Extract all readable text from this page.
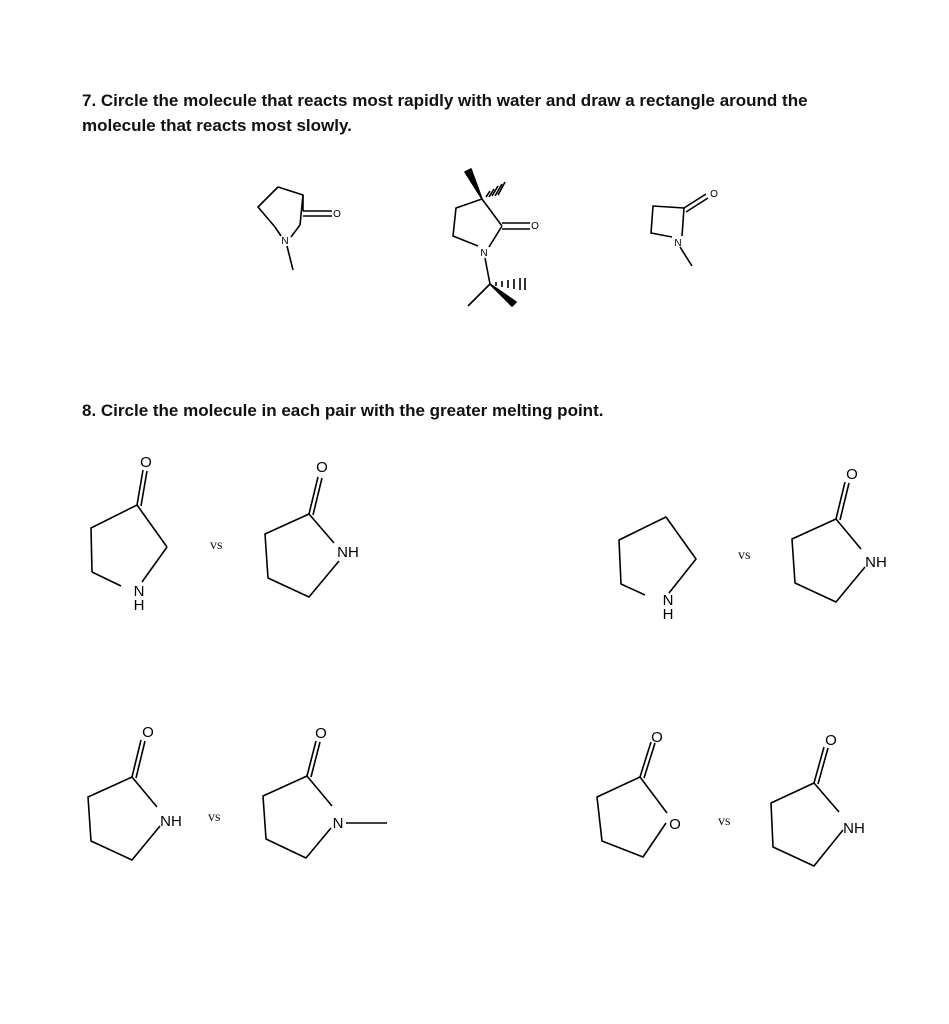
7. Circle the molecule that reacts most rapidly with water and draw a rectangle around the molecule that reacts most slowly.
8. Circle the molecule in each pair with the greater melting point.
vs
vs
vs	vs
N
O
N
O
N
O
O
N
H
O
NH
N
H
O
NH
O
NH
O
N
O
O
O
NH
